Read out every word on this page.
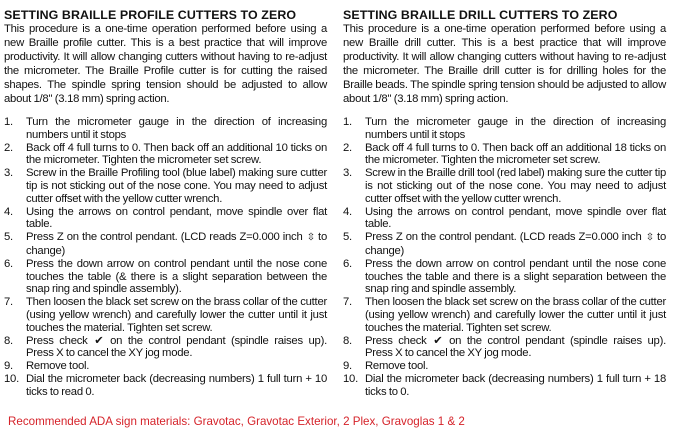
SETTING BRAILLE PROFILE CUTTERS TO ZERO

This procedure is a one-time operation performed before using a new Braille profile cutter. This is a best practice that will improve productivity. It will allow changing cutters without having to re-adjust the micrometer. The Braille Profile cutter is for cutting the raised shapes. The spindle spring tension should be adjusted to allow about 1/8" (3.18 mm) spring action.

1.	Turn the micrometer gauge in the direction of increasing numbers until it stops
2.	Back off 4 full turns to 0. Then back off an additional 10 ticks on the micrometer. Tighten the micrometer set screw.
3.	Screw in the Braille Profiling tool (blue label) making sure cutter tip is not sticking out of the nose cone. You may need to adjust cutter offset with the yellow cutter wrench.
4.	Using the arrows on control pendant, move spindle over flat table.
5.	Press Z on the control pendant. (LCD reads Z=0.000 inch ⇳ to change)
6.	Press the down arrow on control pendant until the nose cone touches the table (& there is a slight separation between the snap ring and spindle assembly).
7.	Then loosen the black set screw on the brass collar of the cutter (using yellow wrench) and carefully lower the cutter until it just touches the material. Tighten set screw.
8.	Press check ✔ on the control pendant (spindle raises up). Press X to cancel the XY jog mode.
9.	Remove tool.
10. Dial the micrometer back (decreasing numbers) 1 full turn + 10 ticks to read 0.
SETTING BRAILLE DRILL CUTTERS TO ZERO

This procedure is a one-time operation performed before using a new Braille drill cutter. This is a best practice that will improve productivity. It will allow changing cutters without having to re-adjust the micrometer. The Braille drill cutter is for drilling holes for the Braille beads. The spindle spring tension should be adjusted to allow about 1/8" (3.18 mm) spring action.

1.	Turn the micrometer gauge in the direction of increasing numbers until it stops
2.	Back off 4 full turns to 0. Then back off an additional 18 ticks on the micrometer. Tighten the micrometer set screw.
3.	Screw in the Braille drill tool (red label) making sure the cutter tip is not sticking out of the nose cone. You may need to adjust cutter offset with the yellow cutter wrench.
4.	Using the arrows on control pendant, move spindle over flat table.
5.	Press Z on the control pendant. (LCD reads Z=0.000 inch ⇳ to change)
6.	Press the down arrow on control pendant until the nose cone touches the table and there is a slight separation between the snap ring and spindle assembly.
7.	Then loosen the black set screw on the brass collar of the cutter (using yellow wrench) and carefully lower the cutter until it just touches the material. Tighten set screw.
8.	Press check ✔ on the control pendant (spindle raises up). Press X to cancel the XY jog mode.
9.	Remove tool.
10. Dial the micrometer back (decreasing numbers) 1 full turn + 18 ticks to 0.
Recommended ADA sign materials: Gravotac, Gravotac Exterior, 2 Plex, Gravoglas 1 & 2
